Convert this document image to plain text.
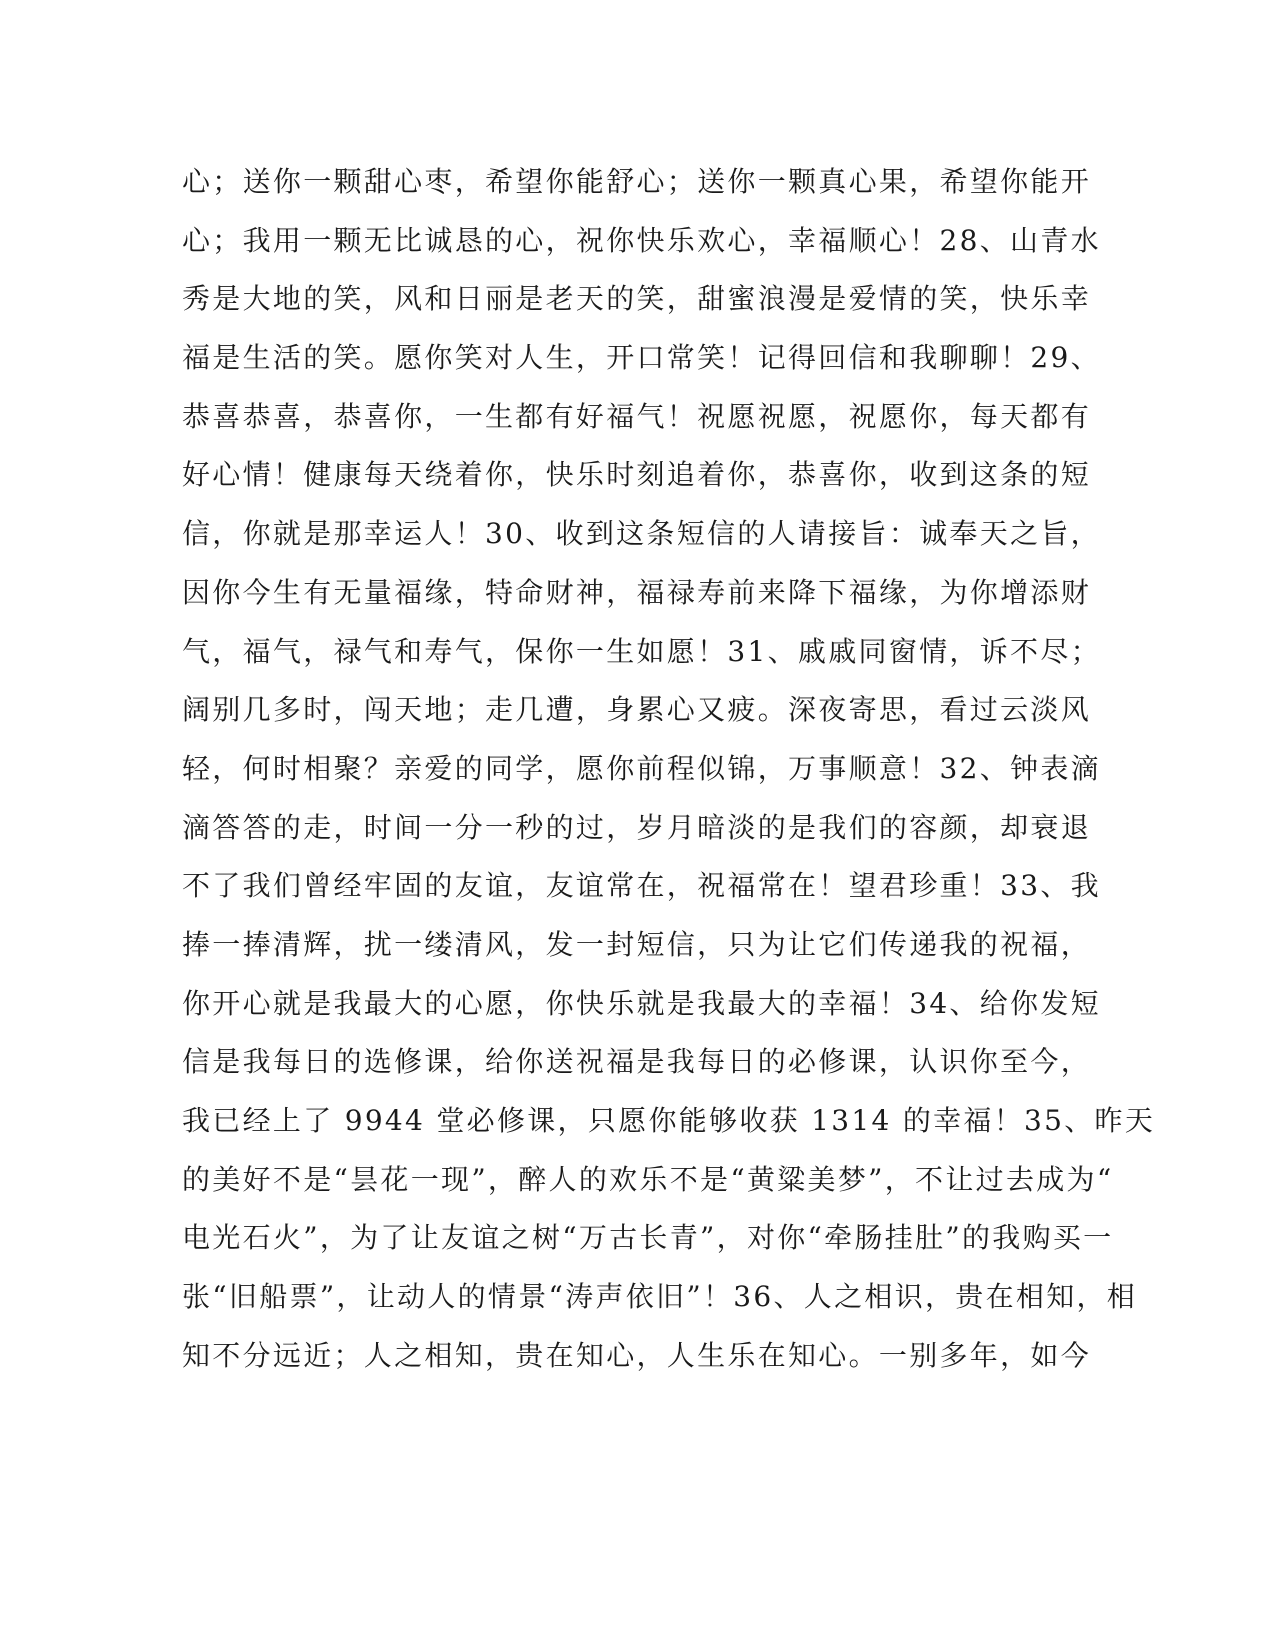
心；送你一颗甜心枣，希望你能舒心；送你一颗真心果，希望你能开
心；我用一颗无比诚恳的心，祝你快乐欢心，幸福顺心！28、山青水
秀是大地的笑，风和日丽是老天的笑，甜蜜浪漫是爱情的笑，快乐幸
福是生活的笑。愿你笑对人生，开口常笑！记得回信和我聊聊！29、
恭喜恭喜，恭喜你，一生都有好福气！祝愿祝愿，祝愿你，每天都有
好心情！健康每天绕着你，快乐时刻追着你，恭喜你，收到这条的短
信，你就是那幸运人！30、收到这条短信的人请接旨：诚奉天之旨，
因你今生有无量福缘，特命财神，福禄寿前来降下福缘，为你增添财
气，福气，禄气和寿气，保你一生如愿！31、戚戚同窗情，诉不尽；
阔别几多时，闯天地；走几遭，身累心又疲。深夜寄思，看过云淡风
轻，何时相聚？亲爱的同学，愿你前程似锦，万事顺意！32、钟表滴
滴答答的走，时间一分一秒的过，岁月暗淡的是我们的容颜，却衰退
不了我们曾经牢固的友谊，友谊常在，祝福常在！望君珍重！33、我
捧一捧清辉，扰一缕清风，发一封短信，只为让它们传递我的祝福，
你开心就是我最大的心愿，你快乐就是我最大的幸福！34、给你发短
信是我每日的选修课，给你送祝福是我每日的必修课，认识你至今，
我已经上了 9944 堂必修课，只愿你能够收获 1314 的幸福！35、昨天
的美好不是“昙花一现”，醉人的欢乐不是“黄粱美梦”，不让过去成为“
电光石火”，为了让友谊之树“万古长青”，对你“牵肠挂肚”的我购买一
张“旧船票”，让动人的情景“涛声依旧”！36、人之相识，贵在相知，相
知不分远近；人之相知，贵在知心，人生乐在知心。一别多年，如今
